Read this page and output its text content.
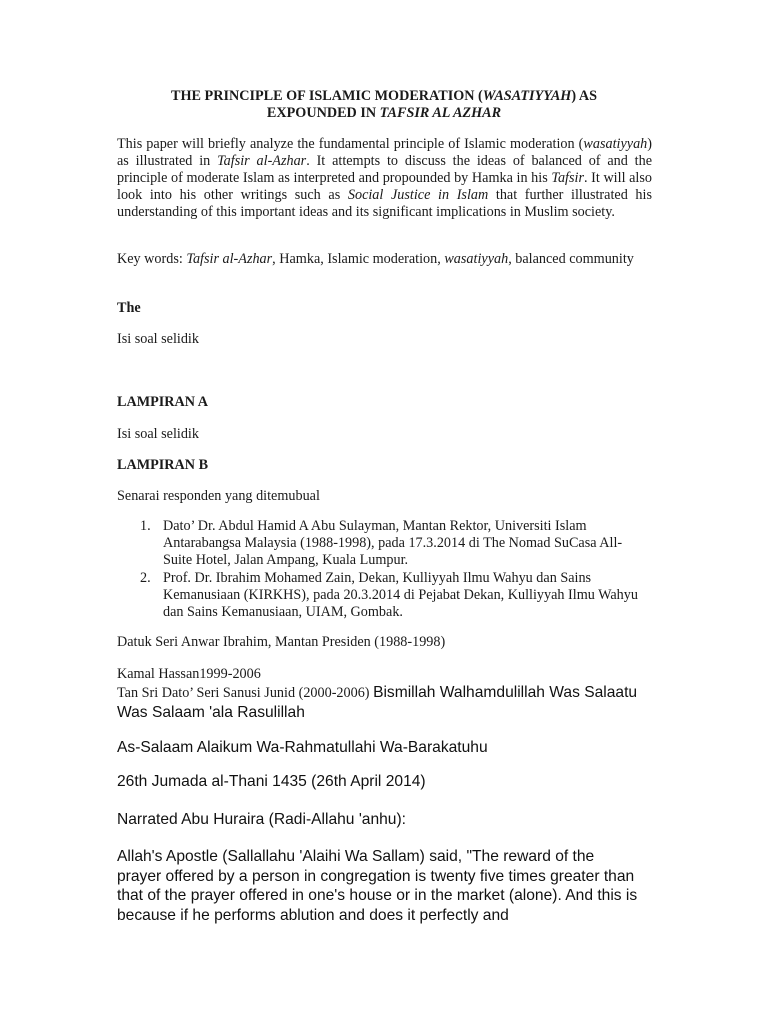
THE PRINCIPLE OF ISLAMIC MODERATION (WASATIYYAH) AS
EXPOUNDED IN TAFSIR AL AZHAR
This paper will briefly analyze the fundamental principle of Islamic moderation (wasatiyyah) as illustrated in Tafsir al-Azhar. It attempts to discuss the ideas of balanced of and the principle of moderate Islam as interpreted and propounded by Hamka in his Tafsir. It will also look into his other writings such as Social Justice in Islam that further illustrated his understanding of this important ideas and its significant implications in Muslim society.
Key words: Tafsir al-Azhar, Hamka, Islamic moderation, wasatiyyah, balanced community
The
Isi soal selidik
LAMPIRAN A
Isi soal selidik
LAMPIRAN B
Senarai responden yang ditemubual
1. Dato’ Dr. Abdul Hamid A Abu Sulayman, Mantan Rektor, Universiti Islam Antarabangsa Malaysia (1988-1998), pada 17.3.2014 di The Nomad SuCasa All-Suite Hotel, Jalan Ampang, Kuala Lumpur.
2. Prof. Dr. Ibrahim Mohamed Zain, Dekan, Kulliyyah Ilmu Wahyu dan Sains Kemanusiaan (KIRKHS), pada 20.3.2014 di Pejabat Dekan, Kulliyyah Ilmu Wahyu dan Sains Kemanusiaan, UIAM, Gombak.
Datuk Seri Anwar Ibrahim, Mantan Presiden (1988-1998)
Kamal Hassan1999-2006
Tan Sri Dato’ Seri Sanusi Junid (2000-2006) Bismillah Walhamdulillah Was Salaatu Was Salaam 'ala Rasulillah
As-Salaam Alaikum Wa-Rahmatullahi Wa-Barakatuhu
26th Jumada al-Thani 1435 (26th April 2014)
Narrated Abu Huraira (Radi-Allahu 'anhu):
Allah's Apostle (Sallallahu 'Alaihi Wa Sallam) said, "The reward of the prayer offered by a person in congregation is twenty five times greater than that of the prayer offered in one's house or in the market (alone). And this is because if he performs ablution and does it perfectly and
